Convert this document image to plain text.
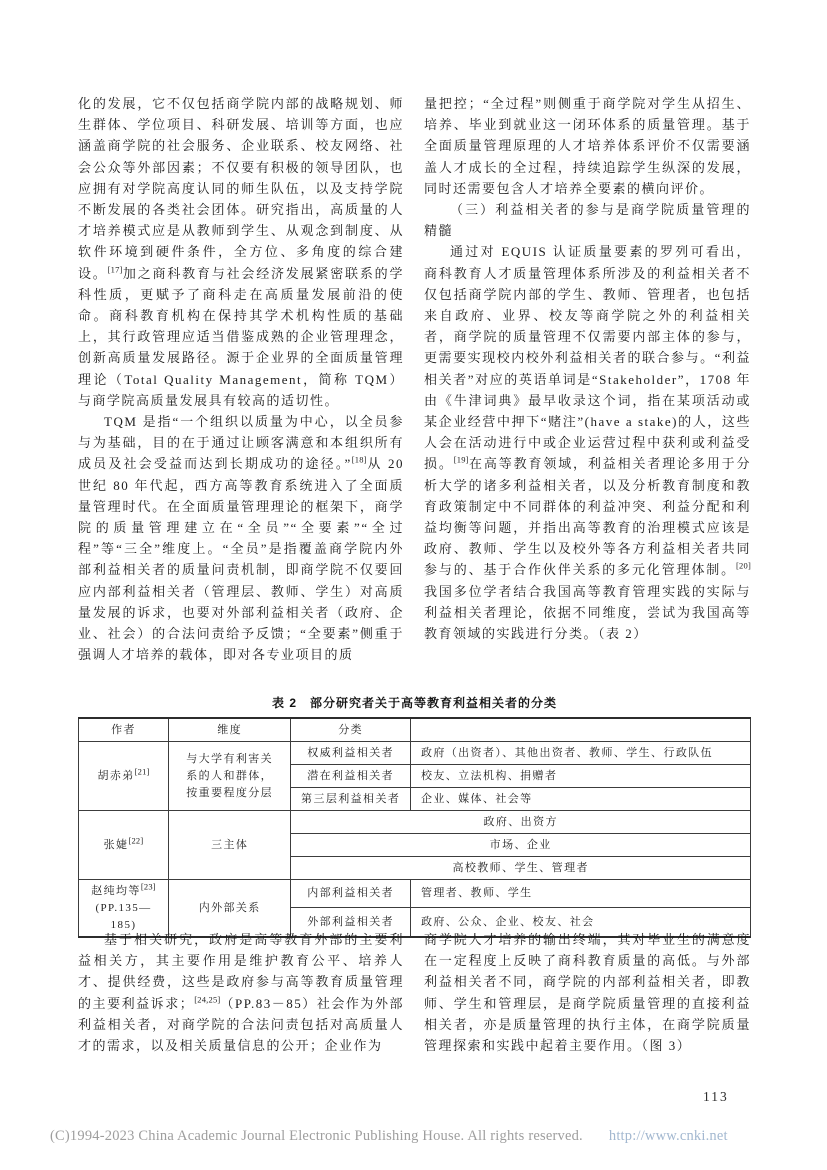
化的发展，它不仅包括商学院内部的战略规划、师生群体、学位项目、科研发展、培训等方面，也应涵盖商学院的社会服务、企业联系、校友网络、社会公众等外部因素；不仅要有积极的领导团队，也应拥有对学院高度认同的师生队伍，以及支持学院不断发展的各类社会团体。研究指出，高质量的人才培养模式应是从教师到学生、从观念到制度、从软件环境到硬件条件，全方位、多角度的综合建设。[17]加之商科教育与社会经济发展紧密联系的学科性质，更赋予了商科走在高质量发展前沿的使命。商科教育机构在保持其学术机构性质的基础上，其行政管理应适当借鉴成熟的企业管理理念，创新高质量发展路径。源于企业界的全面质量管理理论（Total Quality Management，简称 TQM）与商学院高质量发展具有较高的适切性。

TQM 是指“一个组织以质量为中心，以全员参与为基础，目的在于通过让顾客满意和本组织所有成员及社会受益而达到长期成功的途径。”[18]从 20 世纪 80 年代起，西方高等教育系统进入了全面质量管理时代。在全面质量管理理论的框架下，商学院的质量管理建立在“全员”“全要素”“全过程”等“三全”维度上。“全员”是指覆盖商学院内外部利益相关者的质量问责机制，即商学院不仅要回应内部利益相关者（管理层、教师、学生）对高质量发展的诉求，也要对外部利益相关者（政府、企业、社会）的合法问责给予反馈；“全要素”侧重于强调人才培养的载体，即对各专业项目的质

量把控；“全过程”则侧重于商学院对学生从招生、培养、毕业到就业这一闭环体系的质量管理。基于全面质量管理原理的人才培养体系评价不仅需要涵盖人才成长的全过程，持续追踪学生纵深的发展，同时还需要包含人才培养全要素的横向评价。

（三）利益相关者的参与是商学院质量管理的精髓

通过对 EQUIS 认证质量要素的罗列可看出，商科教育人才质量管理体系所涉及的利益相关者不仅包括商学院内部的学生、教师、管理者，也包括来自政府、业界、校友等商学院之外的利益相关者，商学院的质量管理不仅需要内部主体的参与，更需要实现校内校外利益相关者的联合参与。“利益相关者”对应的英语单词是“Stakeholder”，1708 年由《牛津词典》最早收录这个词，指在某项活动或某企业经营中押下“赌注”(have a stake)的人，这些人会在活动进行中或企业运营过程中获利或利益受损。[19]在高等教育领域，利益相关者理论多用于分析大学的诸多利益相关者，以及分析教育制度和教育政策制定中不同群体的利益冲突、利益分配和利益均衡等问题，并指出高等教育的治理模式应该是政府、教师、学生以及校外等各方利益相关者共同参与的、基于合作伙伴关系的多元化管理体制。[20]我国多位学者结合我国高等教育管理实践的实际与利益相关者理论，依据不同维度，尝试为我国高等教育领域的实践进行分类。（表 2）

表 2　部分研究者关于高等教育利益相关者的分类

作者	维度	分类	
胡赤弟[21]	与大学有利害关系的人和群体，按重要程度分层	权威利益相关者	政府（出资者）、其他出资者、教师、学生、行政队伍
		潜在利益相关者	校友、立法机构、捐赠者
		第三层利益相关者	企业、媒体、社会等
张婕[22]	三主体	政府、出资方	
		市场、企业	
		高校教师、学生、管理者	
赵纯均等[23]
(PP.135—185)	内外部关系	内部利益相关者	管理者、教师、学生
		外部利益相关者	政府、公众、企业、校友、社会

基于相关研究，政府是高等教育外部的主要利益相关方，其主要作用是维护教育公平、培养人才、提供经费，这些是政府参与高等教育质量管理的主要利益诉求；[24,25]（PP.83－85）社会作为外部利益相关者，对商学院的合法问责包括对高质量人才的需求，以及相关质量信息的公开；企业作为

商学院人才培养的输出终端，其对毕业生的满意度在一定程度上反映了商科教育质量的高低。与外部利益相关者不同，商学院的内部利益相关者，即教师、学生和管理层，是商学院质量管理的直接利益相关者，亦是质量管理的执行主体，在商学院质量管理探索和实践中起着主要作用。（图 3）

113
(C)1994-2023 China Academic Journal Electronic Publishing House. All rights reserved. http://www.cnki.net
